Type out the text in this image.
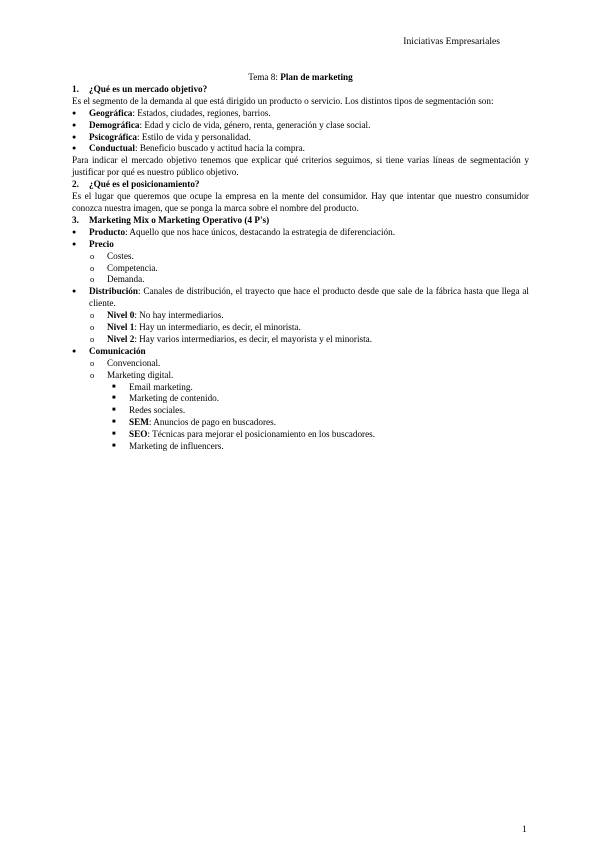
Iniciativas Empresariales

Tema 8: Plan de marketing

1.	¿Qué es un mercado objetivo?

Es el segmento de la demanda al que está dirigido un producto o servicio. Los distintos tipos de segmentación son:

●	Geográfica: Estados, ciudades, regiones, barrios.
●	Demográfica: Edad y ciclo de vida, género, renta, generación y clase social.
●	Psicográfica: Estilo de vida y personalidad.
●	Conductual: Beneficio buscado y actitud hacia la compra.

Para indicar el mercado objetivo tenemos que explicar qué criterios seguimos, si tiene varias líneas de segmentación y justificar por qué es nuestro público objetivo.

2.	¿Qué es el posicionamiento?

Es el lugar que queremos que ocupe la empresa en la mente del consumidor. Hay que intentar que nuestro consumidor conozca nuestra imagen, que se ponga la marca sobre el nombre del producto.

3.	Marketing Mix o Marketing Operativo (4 P's)
●	Producto: Aquello que nos hace únicos, destacando la estrategia de diferenciación.
●	Precio
o	Costes.
o	Competencia.
o	Demanda.
●	Distribución: Canales de distribución, el trayecto que hace el producto desde que sale de la fábrica hasta que llega al cliente.
o	Nivel 0: No hay intermediarios.
o	Nivel 1: Hay un intermediario, es decir, el minorista.
o	Nivel 2: Hay varios intermediarios, es decir, el mayorista y el minorista.
●	Comunicación
o	Convencional.
o	Marketing digital.
■	Email marketing.
■	Marketing de contenido.
■	Redes sociales.
■	SEM: Anuncios de pago en buscadores.
■	SEO: Técnicas para mejorar el posicionamiento en los buscadores.
■	Marketing de influencers.
1
